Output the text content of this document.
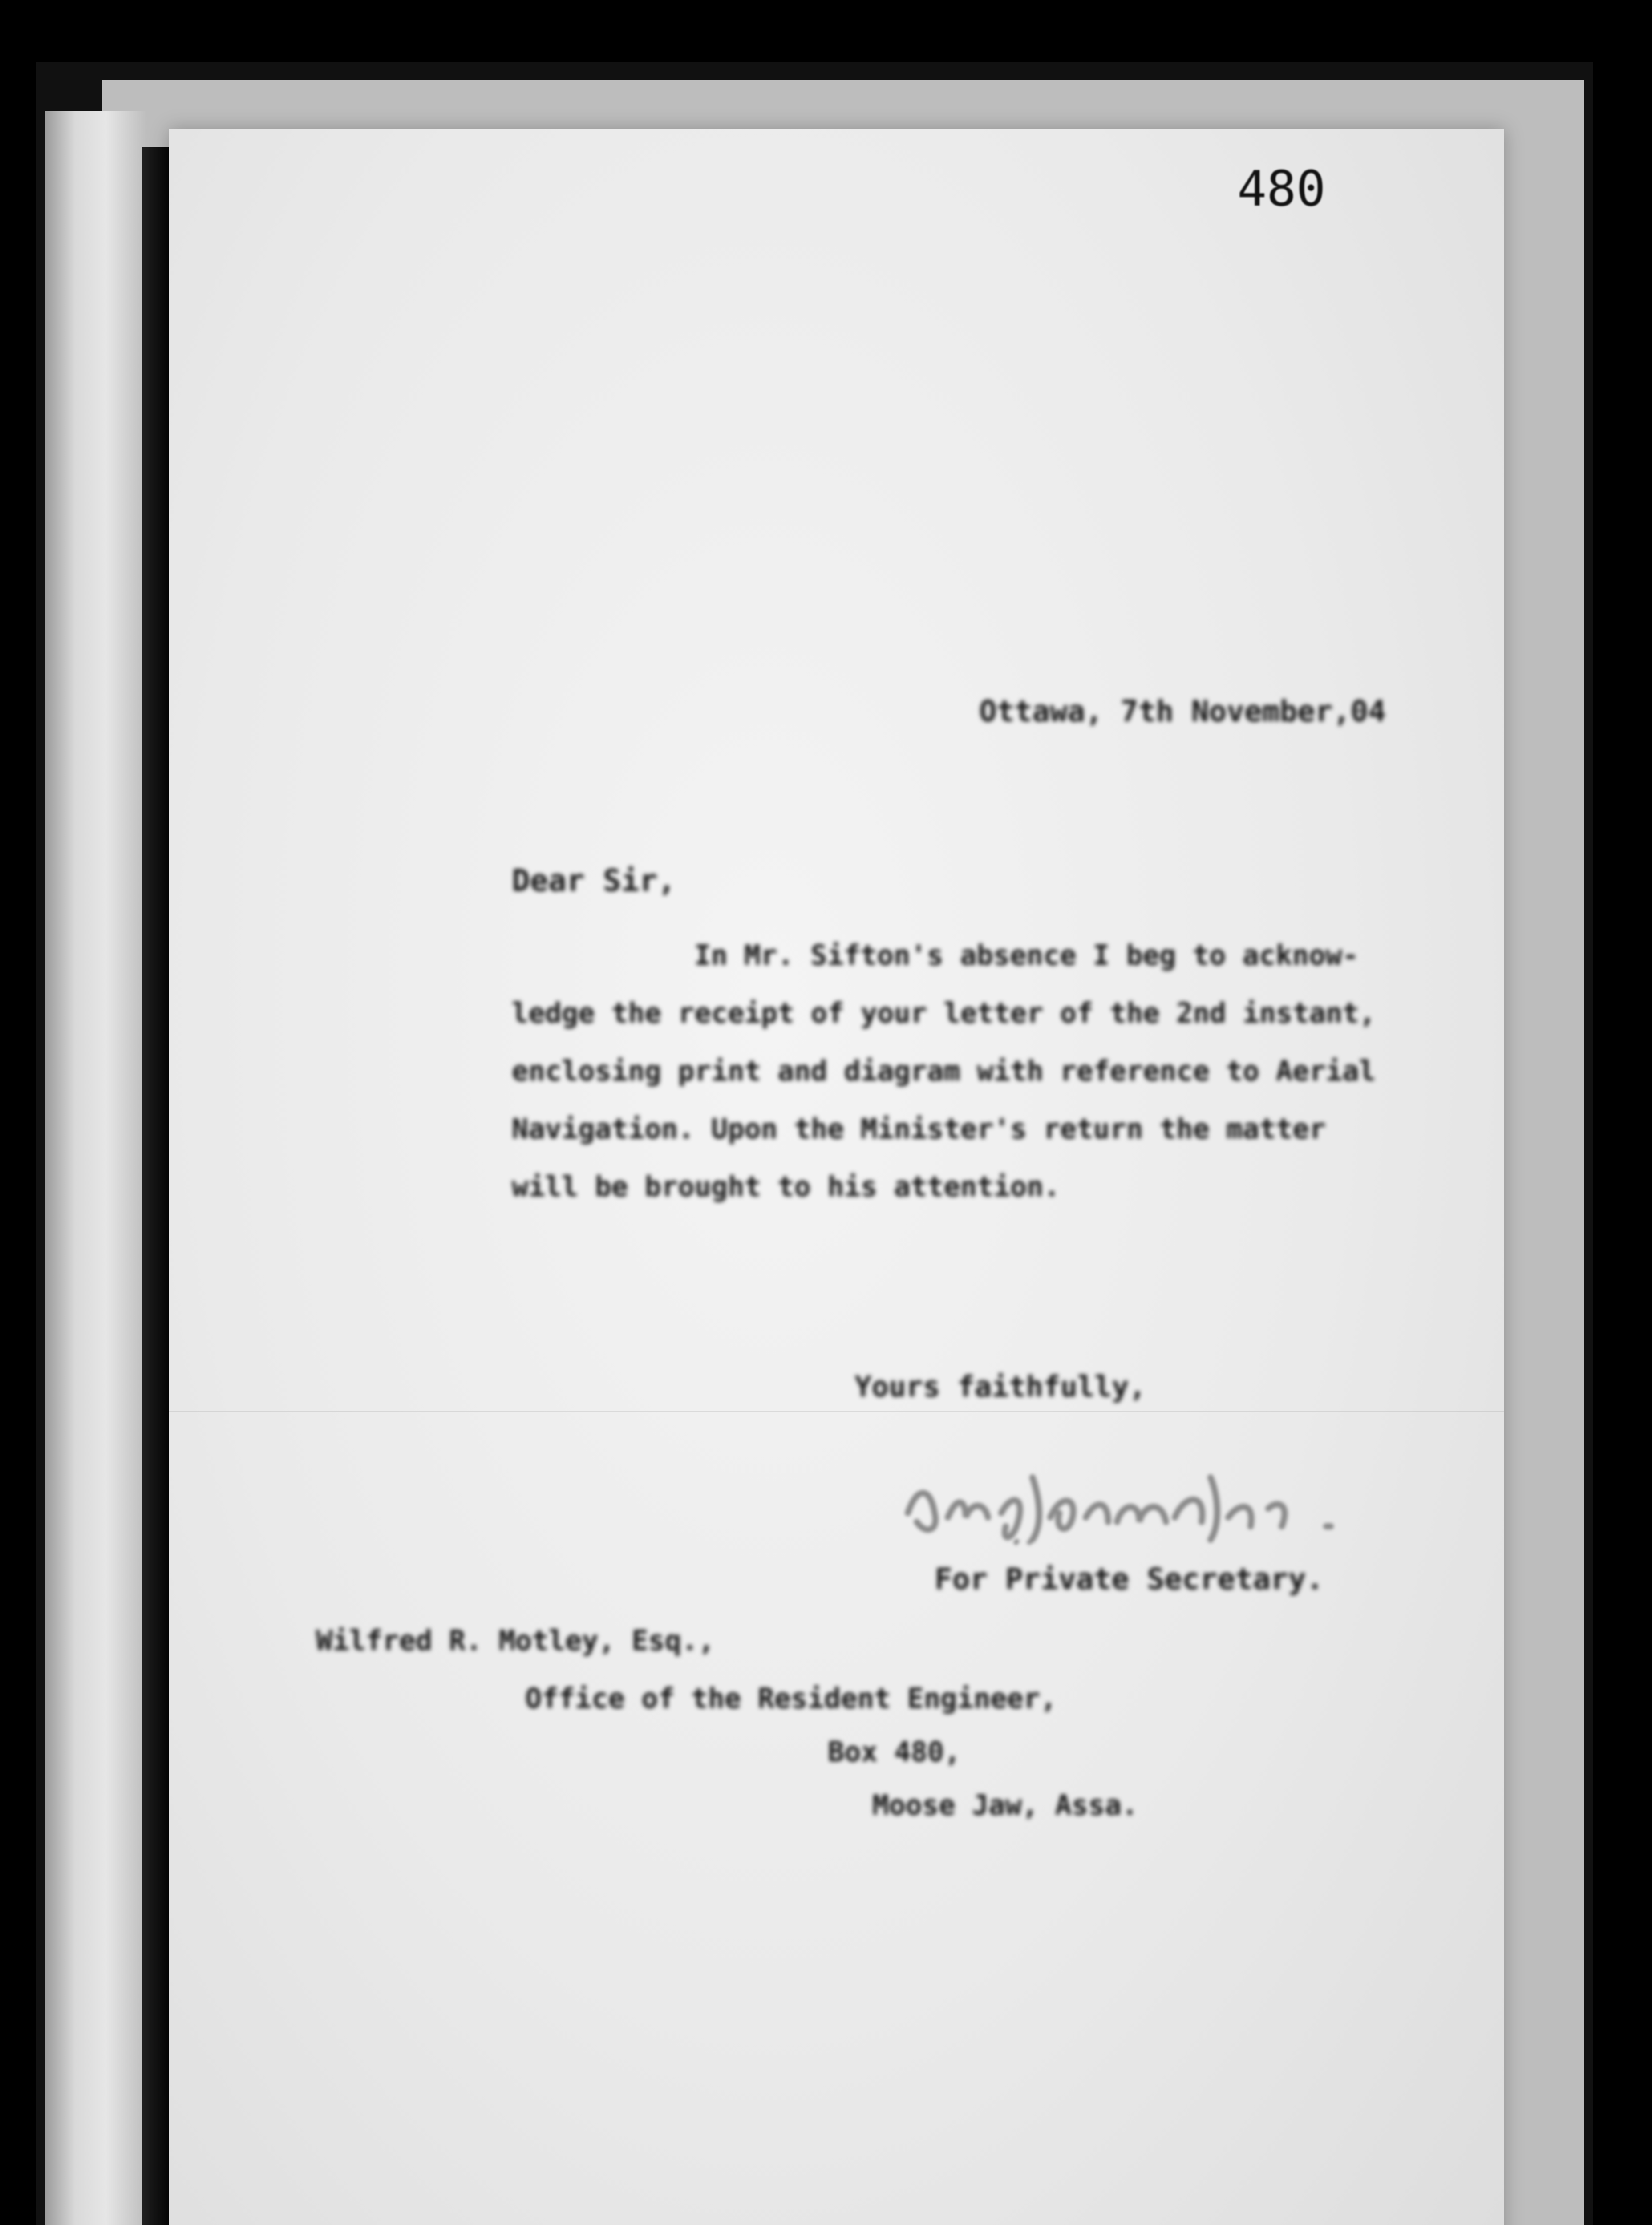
480
Ottawa, 7th November,04
Dear Sir,
In Mr. Sifton's absence I beg to acknow-
ledge the receipt of your letter of the 2nd instant,
enclosing print and diagram with reference to Aerial
Navigation. Upon the Minister's return the matter
will be brought to his attention.
Yours faithfully,
For Private Secretary.
Wilfred R. Motley, Esq.,
Office of the Resident Engineer,
Box 480,
Moose Jaw, Assa.
